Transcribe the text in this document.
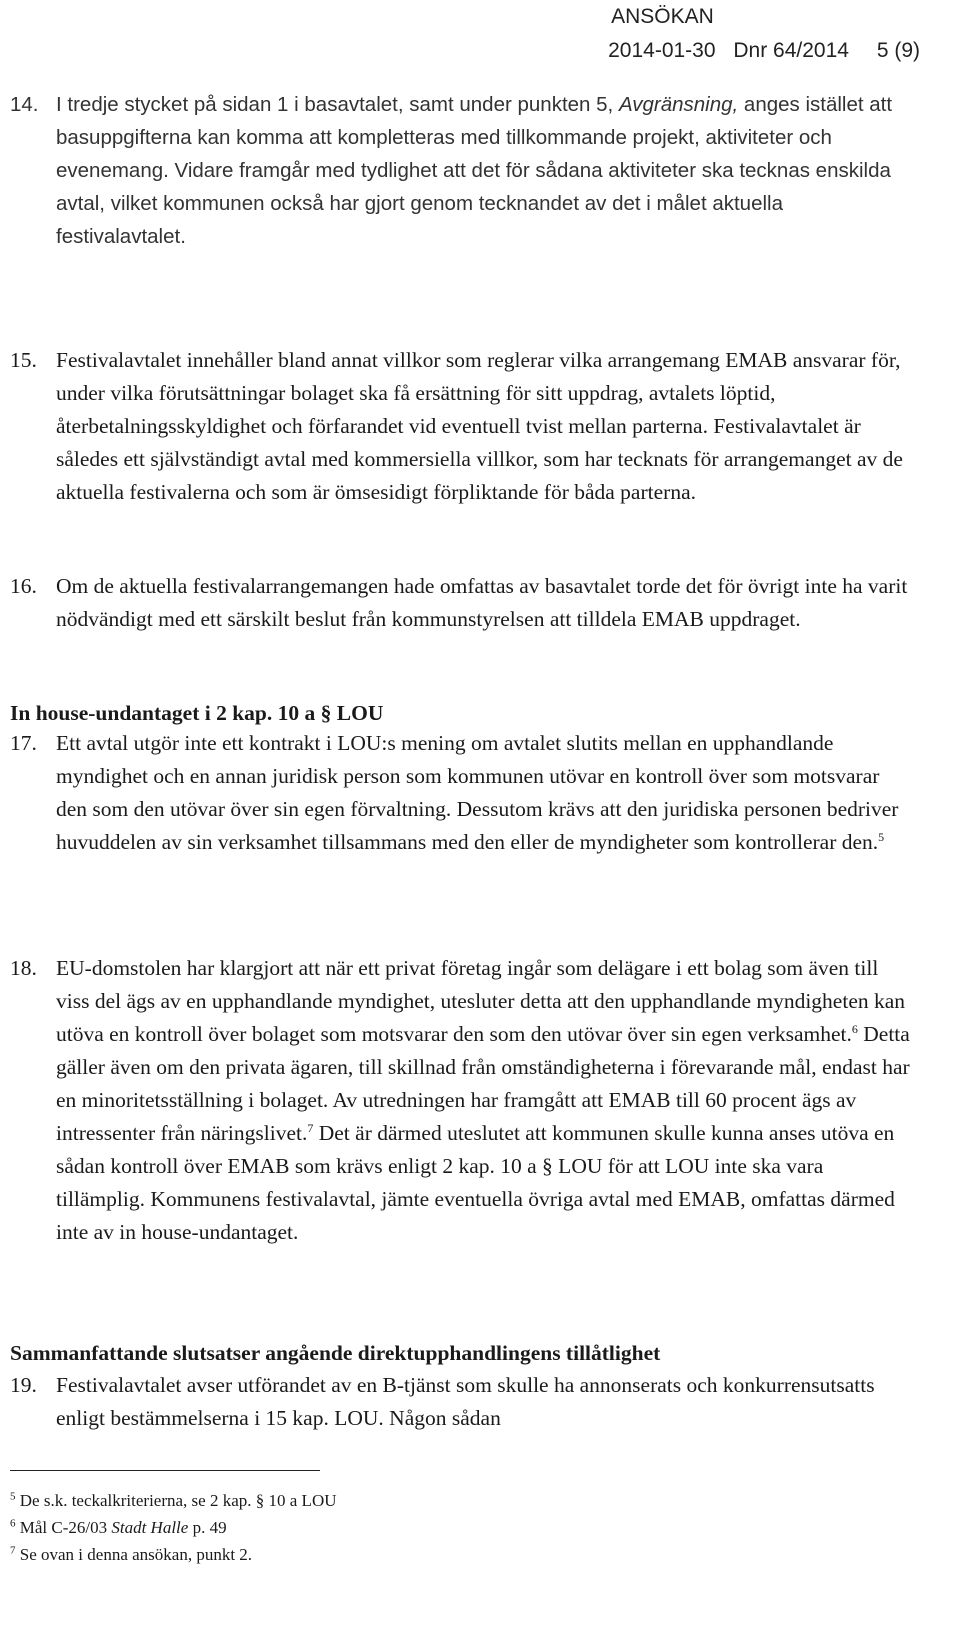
ANSÖKAN
2014-01-30 Dnr 64/2014 5 (9)
14. I tredje stycket på sidan 1 i basavtalet, samt under punkten 5, Avgränsning, anges istället att basuppgifterna kan komma att kompletteras med tillkommande projekt, aktiviteter och evenemang. Vidare framgår med tydlighet att det för sådana aktiviteter ska tecknas enskilda avtal, vilket kommunen också har gjort genom tecknandet av det i målet aktuella festivalavtalet.
15. Festivalavtalet innehåller bland annat villkor som reglerar vilka arrangemang EMAB ansvarar för, under vilka förutsättningar bolaget ska få ersättning för sitt uppdrag, avtalets löptid, återbetalningsskyldighet och förfarandet vid eventuell tvist mellan parterna. Festivalavtalet är således ett självständigt avtal med kommersiella villkor, som har tecknats för arrangemanget av de aktuella festivalerna och som är ömsesidigt förpliktande för båda parterna.
16. Om de aktuella festivalarrangemangen hade omfattas av basavtalet torde det för övrigt inte ha varit nödvändigt med ett särskilt beslut från kommunstyrelsen att tilldela EMAB uppdraget.
In house-undantaget i 2 kap. 10 a § LOU
17. Ett avtal utgör inte ett kontrakt i LOU:s mening om avtalet slutits mellan en upphandlande myndighet och en annan juridisk person som kommunen utövar en kontroll över som motsvarar den som den utövar över sin egen förvaltning. Dessutom krävs att den juridiska personen bedriver huvuddelen av sin verksamhet tillsammans med den eller de myndigheter som kontrollerar den.$^5$
18. EU-domstolen har klargjort att när ett privat företag ingår som delägare i ett bolag som även till viss del ägs av en upphandlande myndighet, utesluter detta att den upphandlande myndigheten kan utöva en kontroll över bolaget som motsvarar den som den utövar över sin egen verksamhet.$^6$ Detta gäller även om den privata ägaren, till skillnad från omständigheterna i förevarande mål, endast har en minoritetsställning i bolaget. Av utredningen har framgått att EMAB till 60 procent ägs av intressenter från näringslivet.$^7$ Det är därmed uteslutet att kommunen skulle kunna anses utöva en sådan kontroll över EMAB som krävs enligt 2 kap. 10 a § LOU för att LOU inte ska vara tillämplig. Kommunens festivalavtal, jämte eventuella övriga avtal med EMAB, omfattas därmed inte av in house-undantaget.
Sammanfattande slutsatser angående direktupphandlingens tillåtlighet
19. Festivalavtalet avser utförandet av en B-tjänst som skulle ha annonserats och konkurrensutsatts enligt bestämmelserna i 15 kap. LOU. Någon sådan
$^5$ De s.k. teckalkriterierna, se 2 kap. § 10 a LOU
$^6$ Mål C-26/03 Stadt Halle p. 49
$^7$ Se ovan i denna ansökan, punkt 2.
